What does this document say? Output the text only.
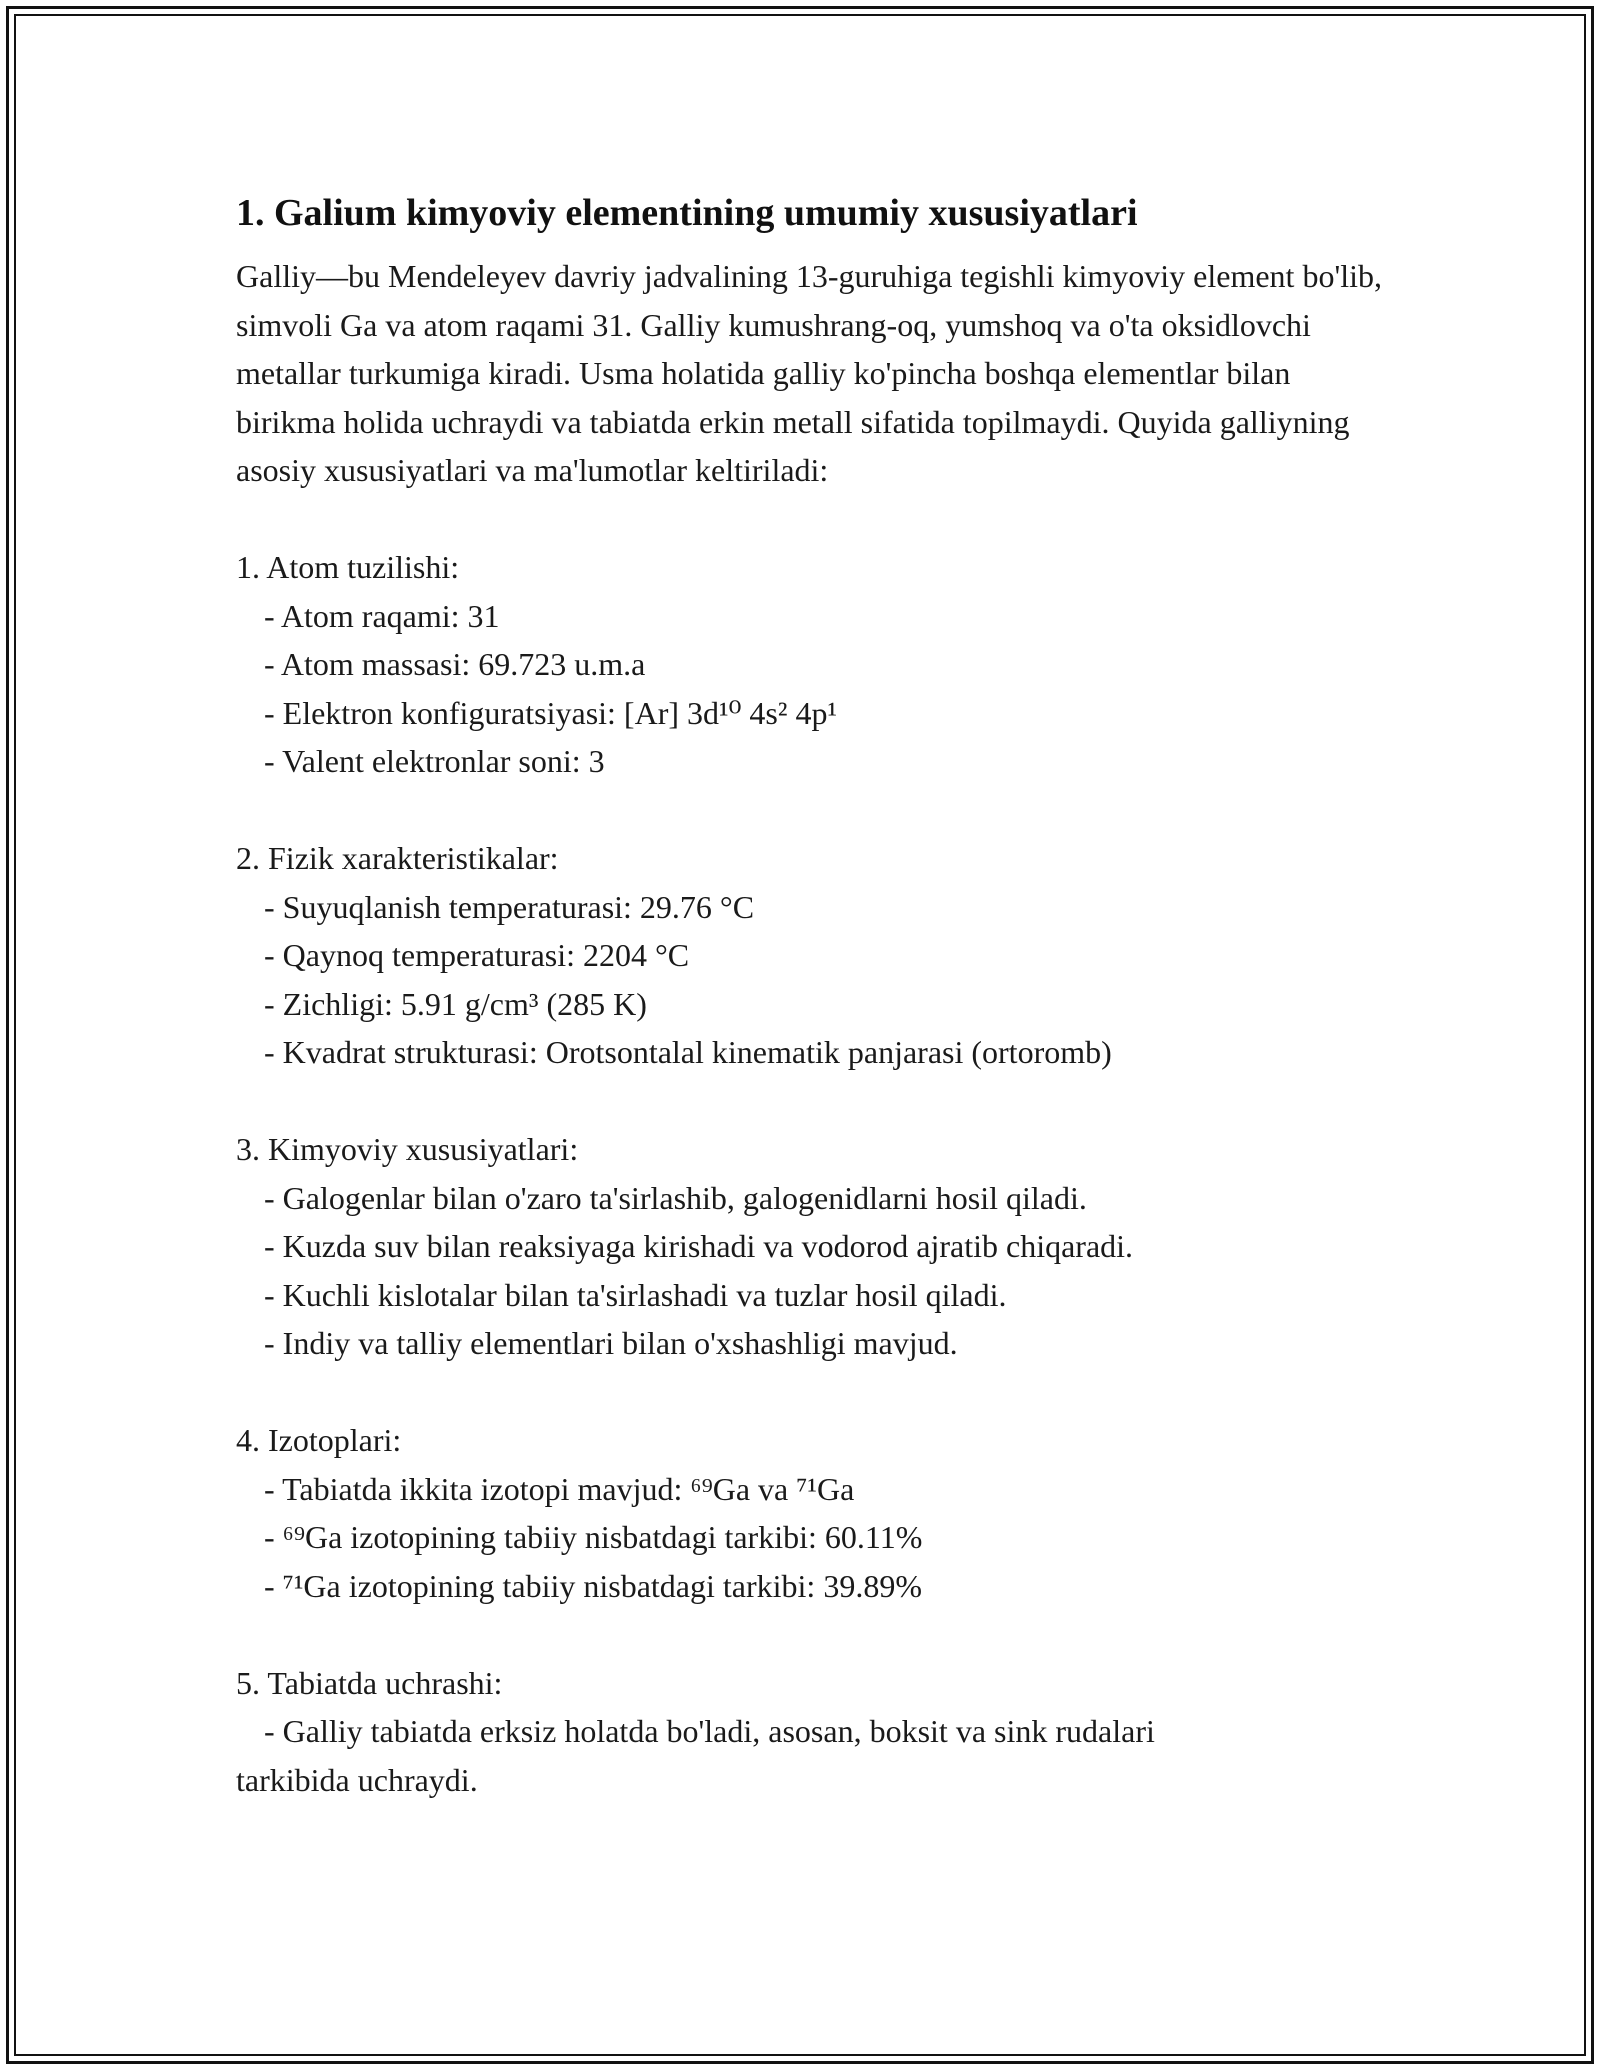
1. Galium kimyoviy elementining umumiy xususiyatlari

Galliy—bu Mendeleyev davriy jadvalining 13-guruhiga tegishli kimyoviy element bo'lib, simvoli Ga va atom raqami 31. Galliy kumushrang-oq, yumshoq va o'ta oksidlovchi metallar turkumiga kiradi. Usma holatida galliy ko'pincha boshqa elementlar bilan birikma holida uchraydi va tabiatda erkin metall sifatida topilmaydi. Quyida galliyning asosiy xususiyatlari va ma'lumotlar keltiriladi:

1. Atom tuzilishi:

- Atom raqami: 31

- Atom massasi: 69.723 u.m.a

- Elektron konfiguratsiyasi: [Ar] 3d¹⁰ 4s² 4p¹

- Valent elektronlar soni: 3

2. Fizik xarakteristikalar:

- Suyuqlanish temperaturasi: 29.76 °C

- Qaynoq temperaturasi: 2204 °C

- Zichligi: 5.91 g/cm³ (285 K)

- Kvadrat strukturasi: Orotsontalal kinematik panjarasi (ortoromb)

3. Kimyoviy xususiyatlari:

- Galogenlar bilan o'zaro ta'sirlashib, galogenidlarni hosil qiladi.

- Kuzda suv bilan reaksiyaga kirishadi va vodorod ajratib chiqaradi.

- Kuchli kislotalar bilan ta'sirlashadi va tuzlar hosil qiladi.

- Indiy va talliy elementlari bilan o'xshashligi mavjud.

4. Izotoplari:

- Tabiatda ikkita izotopi mavjud: ⁶⁹Ga va ⁷¹Ga

- ⁶⁹Ga izotopining tabiiy nisbatdagi tarkibi: 60.11%

- ⁷¹Ga izotopining tabiiy nisbatdagi tarkibi: 39.89%

5. Tabiatda uchrashi:

- Galliy tabiatda erksiz holatda bo'ladi, asosan, boksit va sink rudalari

tarkibida uchraydi.
